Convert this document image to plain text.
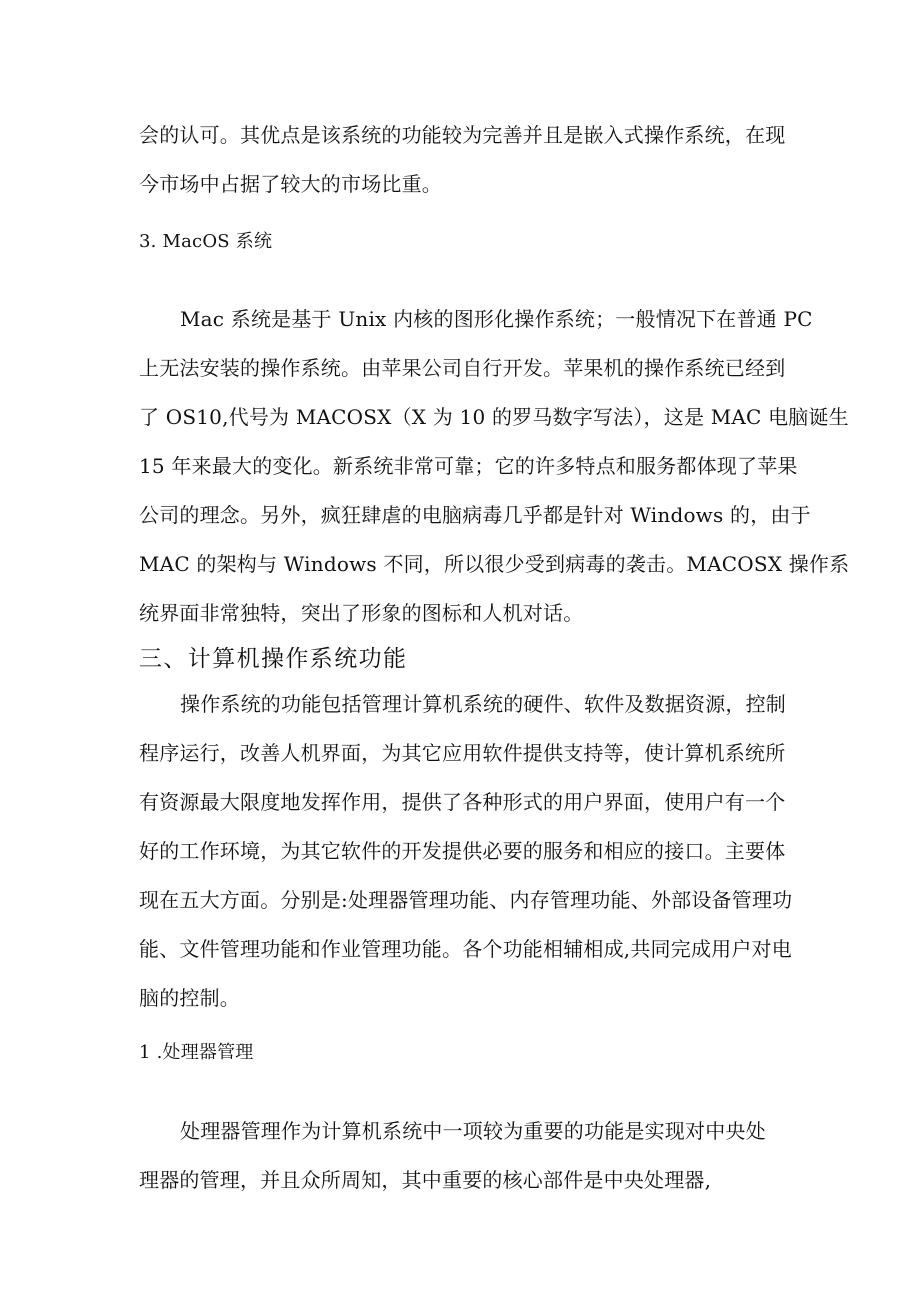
会的认可。其优点是该系统的功能较为完善并且是嵌入式操作系统，在现
今市场中占据了较大的市场比重。
3. MacOS 系统
Mac 系统是基于 Unix 内核的图形化操作系统；一般情况下在普通 PC
上无法安装的操作系统。由苹果公司自行开发。苹果机的操作系统已经到
了 OS10,代号为 MACOSX（X 为 10 的罗马数字写法），这是 MAC 电脑诞生
15 年来最大的变化。新系统非常可靠；它的许多特点和服务都体现了苹果
公司的理念。另外，疯狂肆虐的电脑病毒几乎都是针对 Windows 的，由于
MAC 的架构与 Windows 不同，所以很少受到病毒的袭击。MACOSX 操作系
统界面非常独特，突出了形象的图标和人机对话。
三、计算机操作系统功能
操作系统的功能包括管理计算机系统的硬件、软件及数据资源，控制
程序运行，改善人机界面，为其它应用软件提供支持等，使计算机系统所
有资源最大限度地发挥作用，提供了各种形式的用户界面，使用户有一个
好的工作环境，为其它软件的开发提供必要的服务和相应的接口。主要体
现在五大方面。分别是:处理器管理功能、内存管理功能、外部设备管理功
能、文件管理功能和作业管理功能。各个功能相辅相成,共同完成用户对电
脑的控制。
1 .处理器管理
处理器管理作为计算机系统中一项较为重要的功能是实现对中央处
理器的管理，并且众所周知，其中重要的核心部件是中央处理器,
